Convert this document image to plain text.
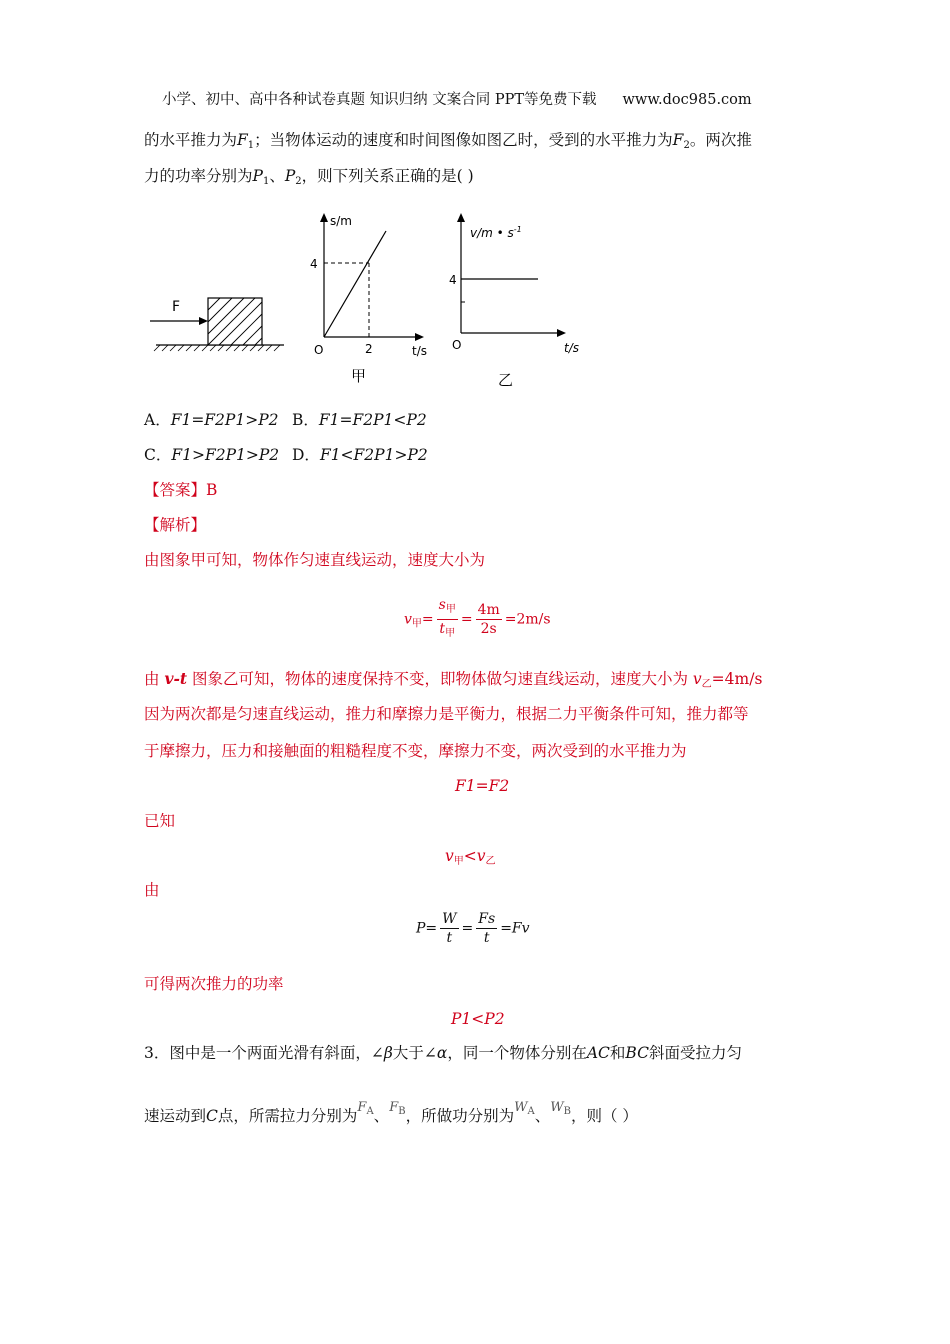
小学、初中、高中各种试卷真题 知识归纳 文案合同 PPT等免费下载 www.doc985.com
的水平推力为$F_1$；当物体运动的速度和时间图像如图乙时，受到的水平推力为$F_2$。两次推
力的功率分别为$P_1$、$P_2$，则下列关系正确的是( )
F
s/m
4
2	t/s
O
甲
v/m • $s^{-1}$
4
O	t/s
乙
A．F1=F2P1>P2 B．F1=F2P1<P2
C．F1>F2P1>P2 D．F1<F2P1>P2
【答案】B
【解析】
由图象甲可知，物体作匀速直线运动，速度大小为
$v_甲= \frac{s_甲}{t_甲} = \frac{4m}{2s} =2m/s$
由 v-t 图象乙可知，物体的速度保持不变，即物体做匀速直线运动，速度大小为 $v_乙=4m/s$
因为两次都是匀速直线运动，推力和摩擦力是平衡力，根据二力平衡条件可知，推力都等
于摩擦力，压力和接触面的粗糙程度不变，摩擦力不变，两次受到的水平推力为
F1=F2
已知
$v_甲<v_乙$
由
$P= \frac{W}{t} = \frac{Fs}{t} =Fv$
可得两次推力的功率
P1<P2
3．图中是一个两面光滑有斜面，∠β大于∠α，同一个物体分别在AC和BC斜面受拉力匀
速运动到C点，所需拉力分别为$^{F_A}$、$^{F_B}$，所做功分别为$^{W_A}$、$^{W_B}$，则（ ）
